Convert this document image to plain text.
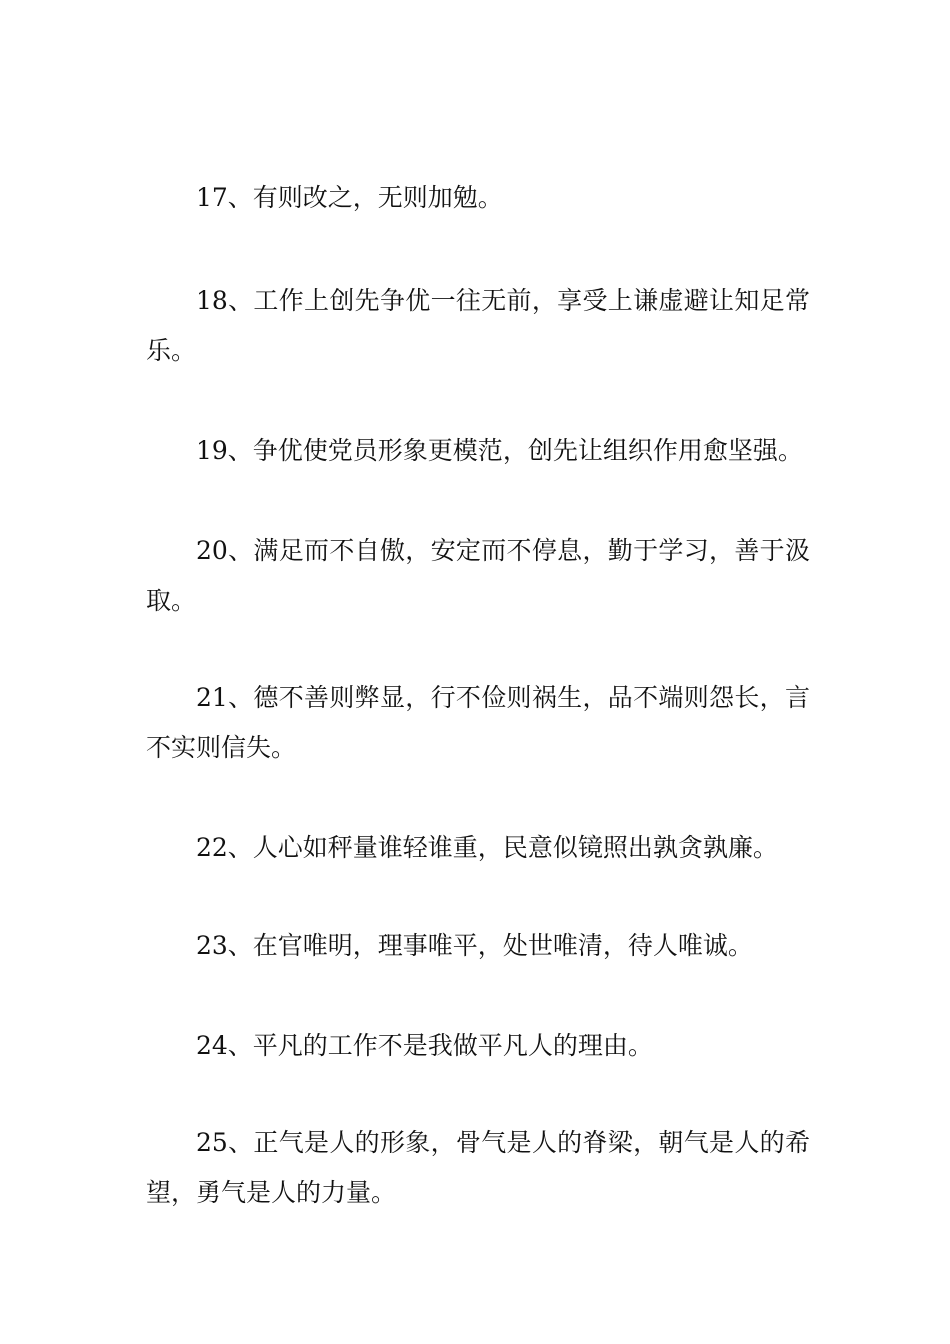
17、有则改之，无则加勉。

18、工作上创先争优一往无前，享受上谦虚避让知足常乐。

19、争优使党员形象更模范，创先让组织作用愈坚强。

20、满足而不自傲，安定而不停息，勤于学习，善于汲取。

21、德不善则弊显，行不俭则祸生，品不端则怨长，言不实则信失。

22、人心如秤量谁轻谁重，民意似镜照出孰贪孰廉。

23、在官唯明，理事唯平，处世唯清，待人唯诚。

24、平凡的工作不是我做平凡人的理由。

25、正气是人的形象，骨气是人的脊梁，朝气是人的希望，勇气是人的力量。
